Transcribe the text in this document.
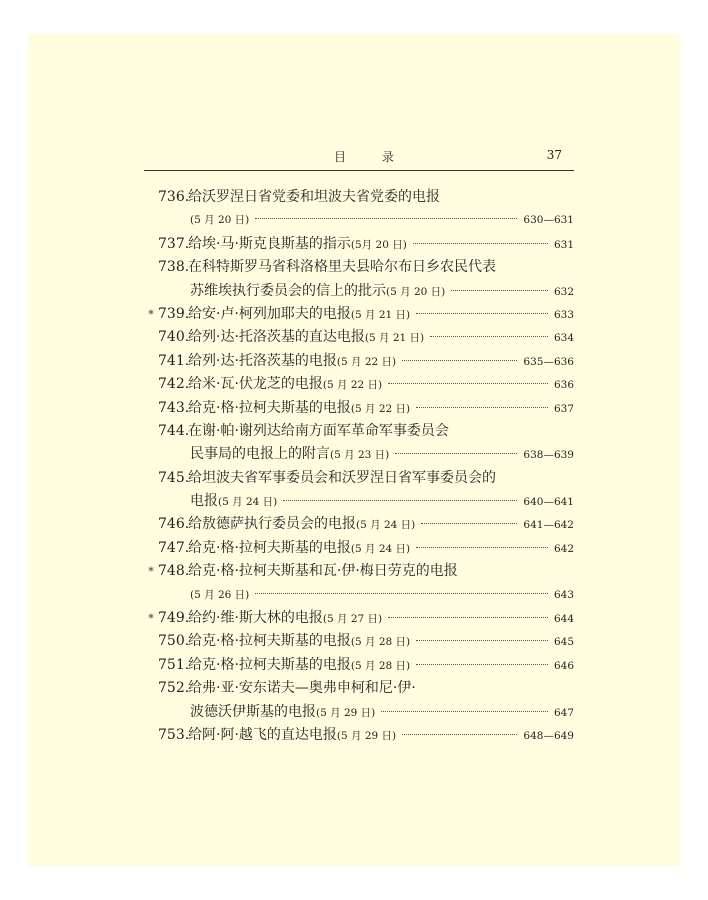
目	录	37
736.
给沃罗涅日省党委和坦波夫省党委的电报
(5 月 20 日)	630—631
737.
给埃·马·斯克良斯基的指示(5月 20 日)	631
738.
在科特斯罗马省科洛格里夫县哈尔布日乡农民代表
苏维埃执行委员会的信上的批示 (5 月 20 日)	632
* 739.
给安·卢·柯列加耶夫的电报(5 月 21 日)	633
740.
给列·达·托洛茨基的直达电报(5 月 21 日)	634
741.
给列·达·托洛茨基的电报(5 月 22 日)	635—636
742.
给米·瓦·伏龙芝的电报(5 月 22 日)	636
743.
给克·格·拉柯夫斯基的电报(5 月 22 日)	637
744.
在谢·帕·谢列达给南方面军革命军事委员会
民事局的电报上的附言 (5 月 23 日)	638—639
745.
给坦波夫省军事委员会和沃罗涅日省军事委员会的
电报 (5 月 24 日)	640—641
746.
给敖德萨执行委员会的电报(5 月 24 日)	641—642
747.
给克·格·拉柯夫斯基的电报(5 月 24 日)	642
* 748.
给克·格·拉柯夫斯基和瓦·伊·梅日劳克的电报
(5 月 26 日)	643
* 749.
给约·维·斯大林的电报(5 月 27 日)	644
750.
给克·格·拉柯夫斯基的电报(5 月 28 日)	645
751.
给克·格·拉柯夫斯基的电报(5 月 28 日)	646
752.
给弗·亚·安东诺夫—奥弗申柯和尼·伊·
波德沃伊斯基的电报 (5 月 29 日)	647
753.
给阿·阿·越飞的直达电报(5 月 29 日)	648—649
